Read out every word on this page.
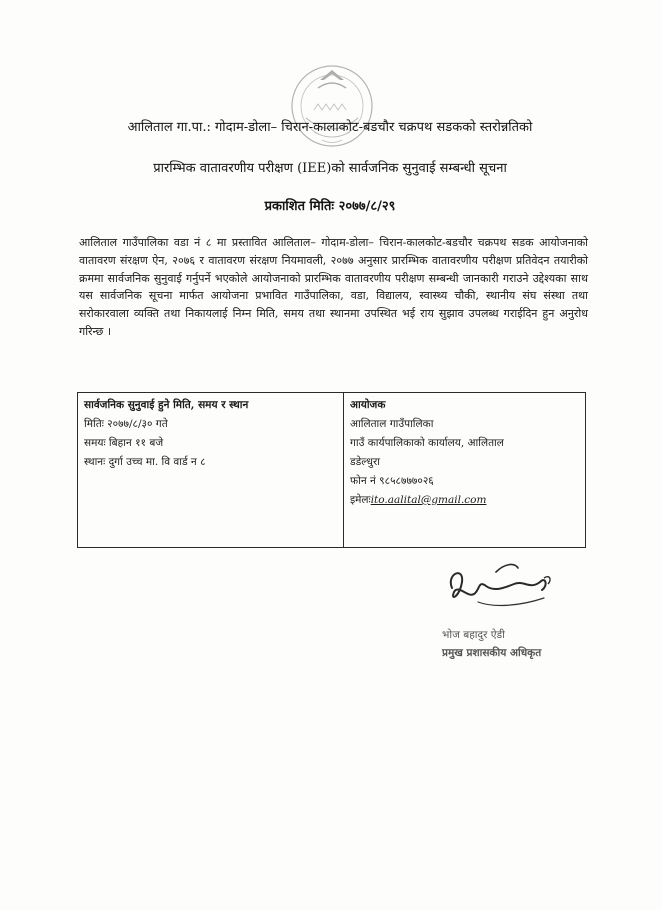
आलिताल गा.पा.: गोदाम-डोला– चिरान-कालाकोट-बडचौर चक्रपथ सडकको स्तरोन्नतिको
प्रारम्भिक वातावरणीय परीक्षण (IEE)को सार्वजनिक सुनुवाई सम्बन्धी सूचना
प्रकाशित मितिः २०७७/८/२९
आलिताल गाउँपालिका वडा नं ८ मा प्रस्तावित आलिताल– गोदाम-डोला– चिरान-कालकोट-बडचौर चक्रपथ सडक आयोजनाको वातावरण संरक्षण ऐन, २०७६ र वातावरण संरक्षण नियमावली, २०७७ अनुसार प्रारम्भिक वातावरणीय परीक्षण प्रतिवेदन तयारीको क्रममा सार्वजनिक सुनुवाई गर्नुपर्ने भएकोले आयोजनाको प्रारम्भिक वातावरणीय परीक्षण सम्बन्धी जानकारी गराउने उद्देश्यका साथ यस सार्वजनिक सूचना मार्फत आयोजना प्रभावित गाउँपालिका, वडा, विद्यालय, स्वास्थ्य चौकी, स्थानीय संघ संस्था तथा सरोकारवाला व्यक्ति तथा निकायलाई निम्न मिति, समय तथा स्थानमा उपस्थित भई राय सुझाव उपलब्ध गराईदिन हुन अनुरोध गरिन्छ ।
सार्वजनिक सुनुवाई हुने मिति, समय र स्थान
मितिः २०७७/८/३० गते
समयः बिहान ११ बजे
स्थानः दुर्गा उच्च मा. वि वार्ड न ८

आयोजक
आलिताल गाउँपालिका
गाउँ कार्यपालिकाको कार्यालय, आलिताल
डडेल्धुरा
फोन नं ९८५८७७७०२६
इमेलःito.aalital@gmail.com
भोज बहादुर ऐडी
प्रमुख प्रशासकीय अधिकृत
